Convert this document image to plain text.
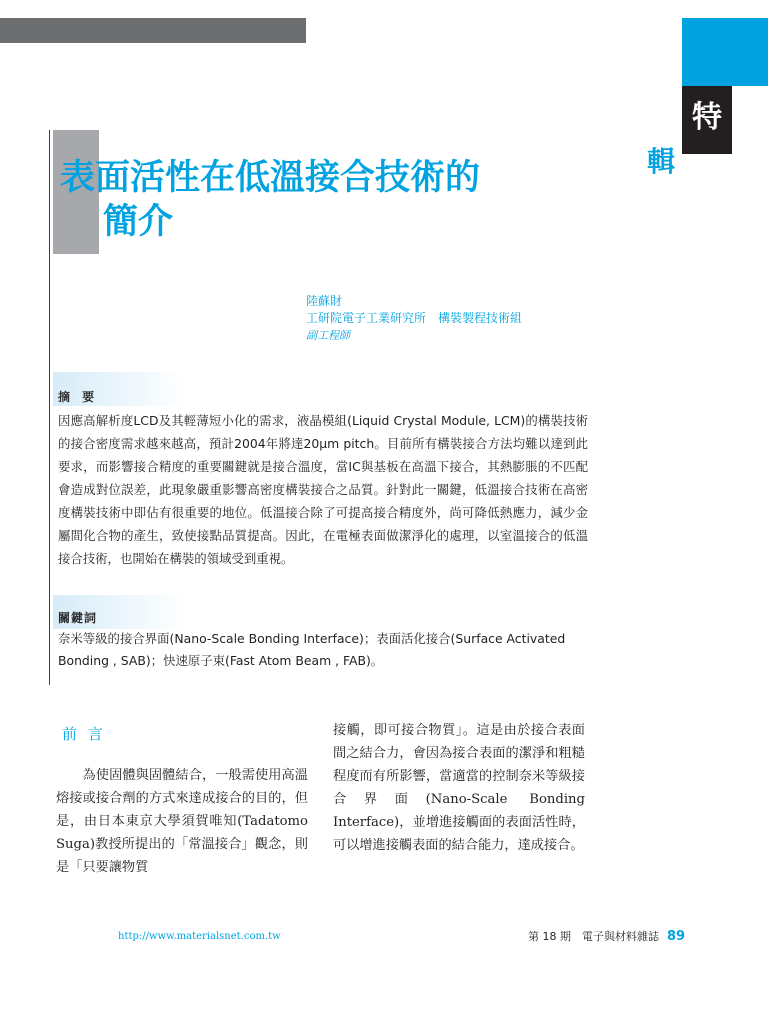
特
輯
表面活性在低溫接合技術的
簡介
陸蘇財
工研院電子工業研究所 構裝製程技術組
副工程師
摘 要
因應高解析度LCD及其輕薄短小化的需求，液晶模組(Liquid Crystal Module, LCM)的構裝技術的接合密度需求越來越高，預計2004年將達20μm pitch。目前所有構裝接合方法均難以達到此要求，而影響接合精度的重要關鍵就是接合溫度，當IC與基板在高溫下接合，其熱膨脹的不匹配會造成對位誤差，此現象嚴重影響高密度構裝接合之品質。針對此一關鍵，低溫接合技術在高密度構裝技術中即佔有很重要的地位。低溫接合除了可提高接合精度外，尚可降低熱應力，減少金屬間化合物的產生，致使接點品質提高。因此，在電極表面做潔淨化的處理，以室溫接合的低溫接合技術，也開始在構裝的領域受到重視。
關鍵詞
奈米等級的接合界面(Nano-Scale Bonding Interface)；表面活化接合(Surface Activated Bonding , SAB)；快速原子束(Fast Atom Beam , FAB)。
前 言
　　為使固體與固體結合，一般需使用高溫熔接或接合劑的方式來達成接合的目的，但是，由日本東京大學須賀唯知(Tadatomo Suga)教授所提出的「常溫接合」觀念，則是「只要讓物質
接觸，即可接合物質」。這是由於接合表面間之結合力，會因為接合表面的潔淨和粗糙程度而有所影響，當適當的控制奈米等級接合界面(Nano-Scale Bonding Interface)，並增進接觸面的表面活性時，可以增進接觸表面的結合能力，達成接合。
http://www.materialsnet.com.tw	第 18 期　電子與材料雜誌 89
